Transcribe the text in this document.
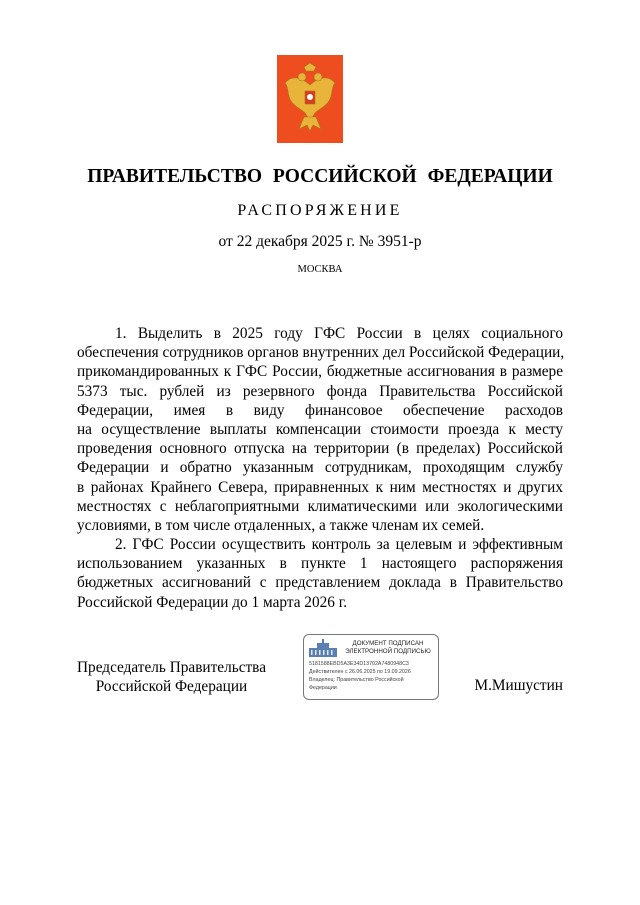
ПРАВИТЕЛЬСТВО РОССИЙСКОЙ ФЕДЕРАЦИИ
РАСПОРЯЖЕНИЕ
от 22 декабря 2025 г. № 3951-р
МОСКВА
1. Выделить в 2025 году ГФС России в целях социального
обеспечения сотрудников органов внутренних дел Российской Федерации,
прикомандированных к ГФС России, бюджетные ассигнования в размере
5373 тыс. рублей из резервного фонда Правительства Российской
Федерации, имея в виду финансовое обеспечение расходов
на осуществление выплаты компенсации стоимости проезда к месту
проведения основного отпуска на территории (в пределах) Российской
Федерации и обратно указанным сотрудникам, проходящим службу
в районах Крайнего Севера, приравненных к ним местностях и других
местностях с неблагоприятными климатическими или экологическими
условиями, в том числе отдаленных, а также членам их семей.
2. ГФС России осуществить контроль за целевым и эффективным
использованием указанных в пункте 1 настоящего распоряжения
бюджетных ассигнований с представлением доклада в Правительство
Российской Федерации до 1 марта 2026 г.
Председатель Правительства
Российской Федерации
ДОКУМЕНТ ПОДПИСАН
ЭЛЕКТРОННОЙ ПОДПИСЬЮ
5181588EBD5A3E34D13702A7480948C3
Действителен с 26.06.2025 по 19.09.2026
Владелец: Правительство Российской
Федерации	М.Мишустин
